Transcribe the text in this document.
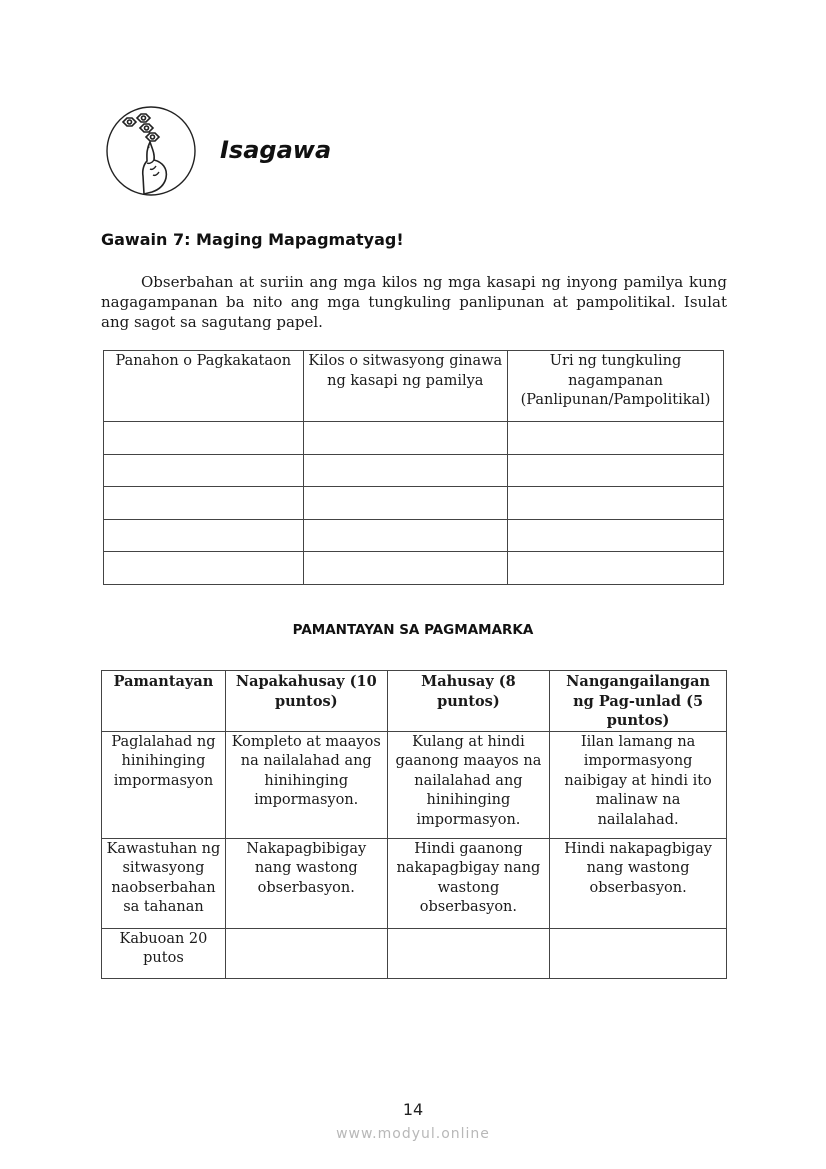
Isagawa
Gawain 7: Maging Mapagmatyag!

Obserbahan at suriin ang mga kilos ng mga kasapi ng inyong pamilya kung nagagampanan ba nito ang mga tungkuling panlipunan at pampolitikal. Isulat ang sagot sa sagutang papel.

Panahon o Pagkakataon	Kilos o sitwasyong ginawa ng kasapi ng pamilya	Uri ng tungkuling nagampanan (Panlipunan/Pampolitikal)

PAMANTAYAN SA PAGMAMARKA
Pamantayan	Napakahusay (10 puntos)	Mahusay (8 puntos)	Nangangailangan ng Pag-unlad (5 puntos)
Paglalahad ng hinihinging impormasyon	Kompleto at maayos na nailalahad ang hinihinging impormasyon.	Kulang at hindi gaanong maayos na nailalahad ang hinihinging impormasyon.	Iilan lamang na impormasyong naibigay at hindi ito malinaw na nailalahad.
Kawastuhan ng sitwasyong naobserbahan sa tahanan	Nakapagbibigay nang wastong obserbasyon.	Hindi gaanong nakapagbigay nang wastong obserbasyon.	Hindi nakapagbigay nang wastong obserbasyon.
Kabuoan 20 putos			
14
www.modyul.online
